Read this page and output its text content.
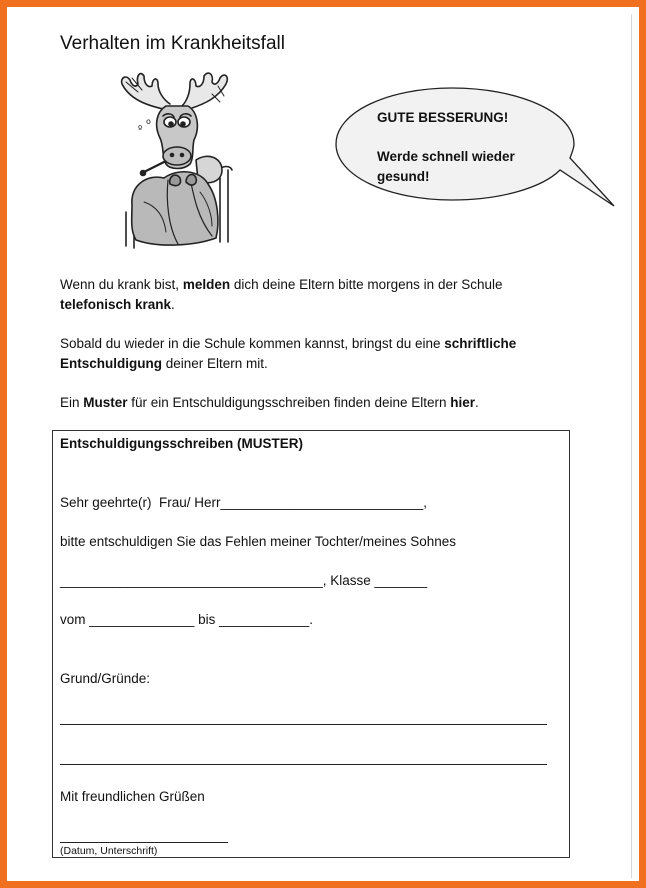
Verhalten im Krankheitsfall
º
o	GUTE BESSERUNG!
Werde schnell wieder
gesund!

Wenn du krank bist, melden dich deine Eltern bitte morgens in der Schule telefonisch krank.

Sobald du wieder in die Schule kommen kannst, bringst du eine schriftliche Entschuldigung deiner Eltern mit.

Ein Muster für ein Entschuldigungsschreiben finden deine Eltern hier.

Entschuldigungsschreiben (MUSTER)
Sehr geehrte(r)  Frau/ Herr___________________________,
bitte entschuldigen Sie das Fehlen meiner Tochter/meines Sohnes
___________________________________, Klasse _______
vom ______________ bis ____________.
Grund/Gründe:
Mit freundlichen Grüßen
(Datum, Unterschrift)
